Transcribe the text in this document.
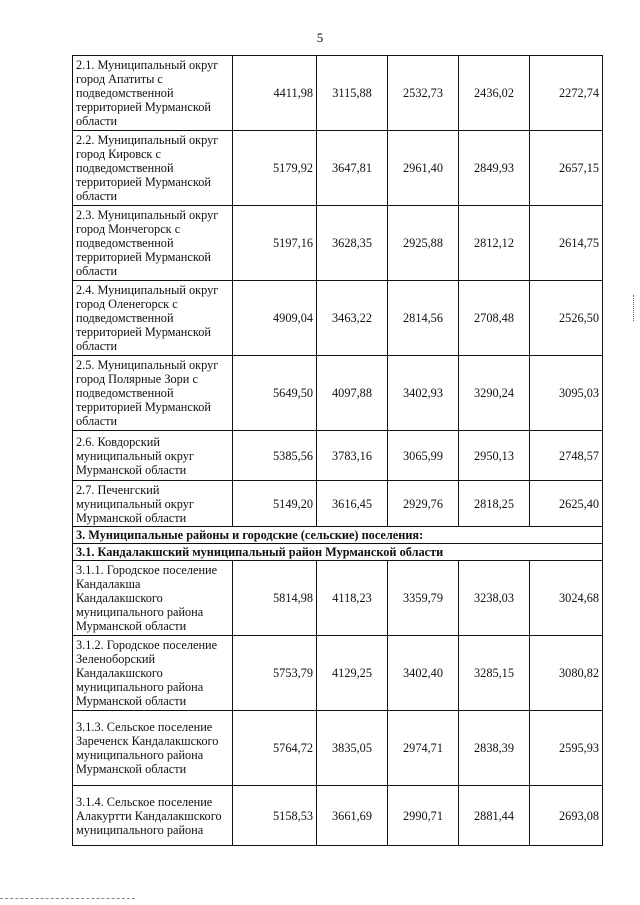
5
2.1. Муниципальный округ город Апатиты с подведомственной территорией Мурманской области	4411,98	3115,88	2532,73	2436,02	2272,74
2.2. Муниципальный округ город Кировск с подведомственной территорией Мурманской области	5179,92	3647,81	2961,40	2849,93	2657,15
2.3. Муниципальный округ город Мончегорск с подведомственной территорией Мурманской области	5197,16	3628,35	2925,88	2812,12	2614,75
2.4. Муниципальный округ город Оленегорск с подведомственной территорией Мурманской области	4909,04	3463,22	2814,56	2708,48	2526,50
2.5. Муниципальный округ город Полярные Зори с подведомственной территорией Мурманской области	5649,50	4097,88	3402,93	3290,24	3095,03
2.6. Ковдорский муниципальный округ Мурманской области	5385,56	3783,16	3065,99	2950,13	2748,57
2.7. Печенгский муниципальный округ Мурманской области	5149,20	3616,45	2929,76	2818,25	2625,40
3. Муниципальные районы и городские (сельские) поселения:					
3.1. Кандалакшский муниципальный район Мурманской области					
3.1.1. Городское поселение Кандалакша Кандалакшского муниципального района Мурманской области	5814,98	4118,23	3359,79	3238,03	3024,68
3.1.2. Городское поселение Зеленоборский Кандалакшского муниципального района Мурманской области	5753,79	4129,25	3402,40	3285,15	3080,82
3.1.3. Сельское поселение Зареченск Кандалакшского муниципального района Мурманской области	5764,72	3835,05	2974,71	2838,39	2595,93
3.1.4. Сельское поселение Алакуртти Кандалакшского муниципального района	5158,53	3661,69	2990,71	2881,44	2693,08
